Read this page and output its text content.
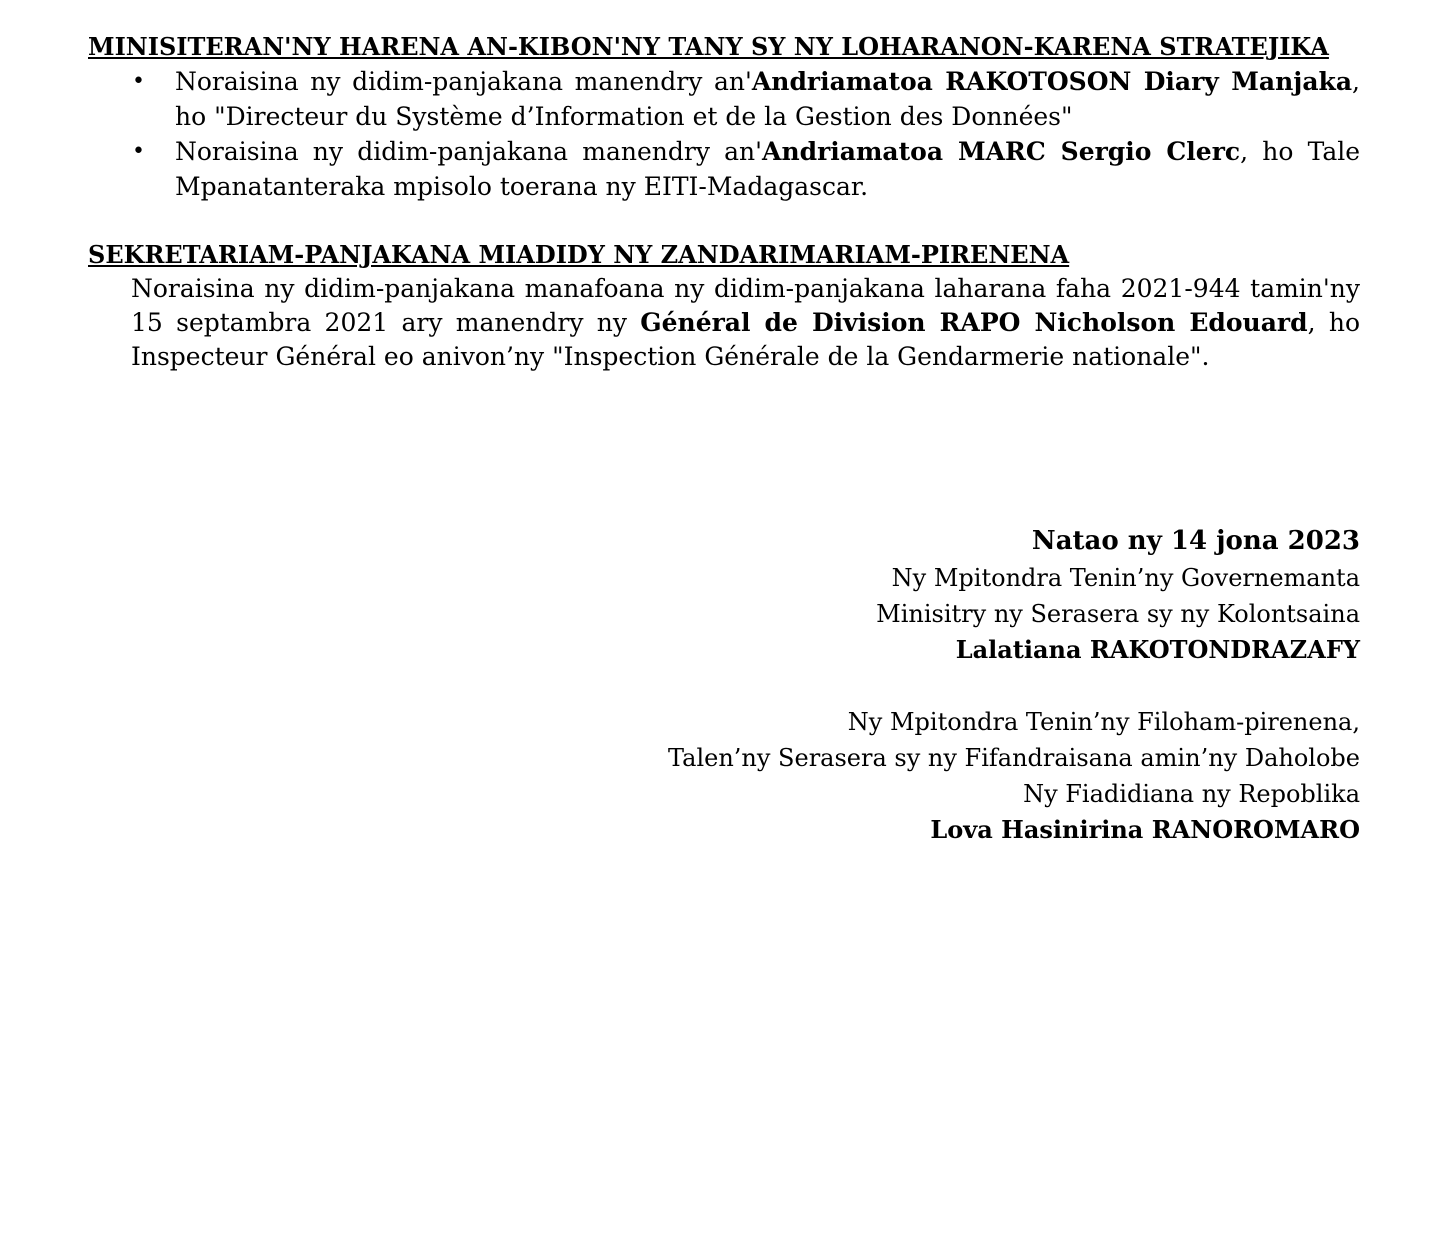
MINISITERAN'NY HARENA AN-KIBON'NY TANY SY NY LOHARANON-KARENA STRATEJIKA

• Noraisina ny didim-panjakana manendry an'Andriamatoa RAKOTOSON Diary Manjaka, ho "Directeur du Système d’Information et de la Gestion des Données"
• Noraisina ny didim-panjakana manendry an'Andriamatoa MARC Sergio Clerc, ho Tale Mpanatanteraka mpisolo toerana ny EITI-Madagascar.

SEKRETARIAM-PANJAKANA MIADIDY NY ZANDARIMARIAM-PIRENENA

Noraisina ny didim-panjakana manafoana ny didim-panjakana laharana faha 2021-944 tamin'ny 15 septambra 2021 ary manendry ny Général de Division RAPO Nicholson Edouard, ho Inspecteur Général eo anivon’ny "Inspection Générale de la Gendarmerie nationale".

Natao ny 14 jona 2023
Ny Mpitondra Tenin’ny Governemanta
Minisitry ny Serasera sy ny Kolontsaina
Lalatiana RAKOTONDRAZAFY
Ny Mpitondra Tenin’ny Filoham-pirenena,
Talen’ny Serasera sy ny Fifandraisana amin’ny Daholobe
Ny Fiadidiana ny Repoblika
Lova Hasinirina RANOROMARO
